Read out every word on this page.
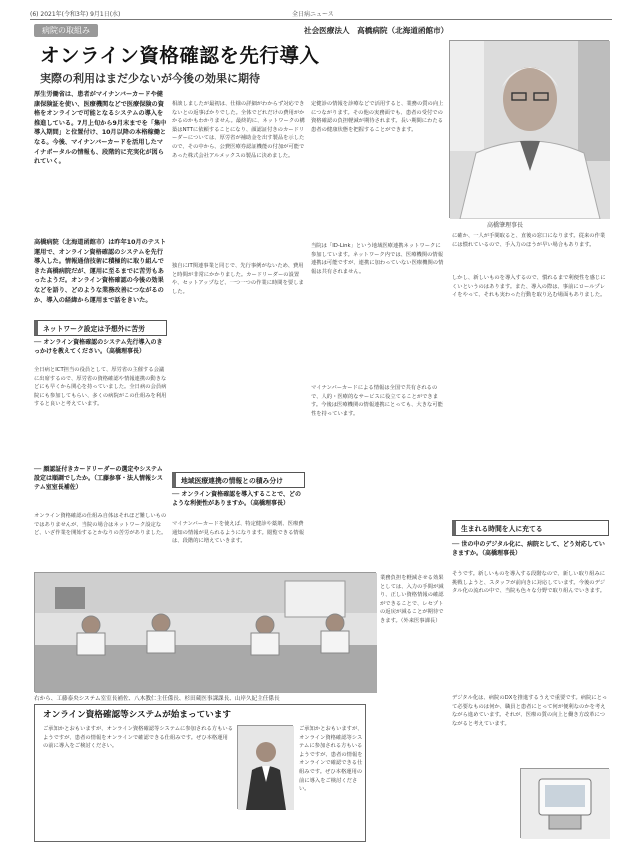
(6) 2021年(令和3年) 9月1日(水)	全日病ニュース
病院の取組み	社会医療法人　高橋病院（北海道函館市）
オンライン資格確認を先行導入
実際の利用はまだ少ないが今後の効果に期待
高橋肇理事長
厚生労働省は、患者がマイナンバーカードや健康保険証を使い、医療機関などで医療保険の資格をオンラインで可能となるシステムの導入を推進している。7月上旬から9月末までを「集中導入期間」と位置付け、10月以降の本格稼働となる。今後、マイナンバーカードを活用したマイナポータルの情報も、段階的に充実化が図られていく。
高橋病院（北海道函館市）は昨年10月のテスト運用で、オンライン資格確認のシステムを先行導入した。情報通信技術に積極的に取り組んできた高橋病院だが、運用に至るまでに苦労もあったようだ。オンライン資格確認の今後の効果などを語り、どのような業務改善につながるのか、導入の経緯から運用まで話をきいた。
ネットワーク設定は予想外に苦労
── オンライン資格確認のシステム先行導入のきっかけを教えてください。（高橋理事長）
全日病とICT担当の役員として、厚労省の主催する会議に出席するので、厚労省の資格確認や情報連携の動きなどにも早くから関心を持っていました。全日病の会員病院にも参加してもらい、多くの病院がこの仕組みを利用すると良いと考えています。
── 顔認証付きカードリーダーの選定やシステム設定は順調でしたか。（工藤参事・法人情報システム室室長補佐）
オンライン資格確認の仕組み自体はそれほど難しいものではありませんが、当院の場合はネットワーク設定など、いざ作業を開始するとかなりの苦労がありました。
相談しましたが最初は、仕様の詳細がわからず対応できないとの返事ばかりでした。全体でどれだけの費用がかかるのかもわかりません。最終的に、ネットワークの構築はNTTに依頼することになり、顔認証付きのカードリーダーについては、厚労省が補助金を出す製品を示したので、その中から、公費医療券認証機能の付加が可能であった株式会社アルメックスの製品に決めました。
独自にIT関連事業と同じで、先行事例がないため、費用と時間が非常にかかりました。カードリーダーの設置や、セットアップなど、一つ一つの作業に時間を要しました。
地域医療連携の情報との積み分け
── オンライン資格確認を導入することで、どのような利便性がありますか。（高橋理事長）
マイナンバーカードを使えば、特定健診や薬剤、医療費通知の情報が見られるようになります。閲覧できる情報は、段階的に増えていきます。
定健診の情報を診療などで活用すると、業務の質の向上につながります。その他の実務面でも、患者の受付での資格確認の負担軽減が期待されます。長い期間にわたる患者の健康状態を把握することができます。
当院は「ID-Link」という地域医療連携ネットワークに参加しています。ネットワーク内では、医療機関の情報連携は可能ですが、連携に加わっていない医療機関の情報は共有されません。
マイナンバーカードによる情報は全国で共有されるので、人的・医療的なサービスに役立てることができます。今後は医療機関の情報連携にとっても、大きな可能性を持っています。
業務負担を軽減させる効果としては、入力の手間が減り、正しい資格情報の確認ができることで、レセプトの返戻が減ることが期待できます。（外来医事課長）
に確か、一人が手間取ると、直後の窓口になります。従来の作業には慣れているので、手入力のほうが早い場合もあります。
しかし、新しいものを導入するので、慣れるまで利便性を感じにくいというのはあります。また、導入の際は、事前にロールプレイをやって、それも実わった行動を取り込む場面もありました。
生まれる時間を人に充てる
── 世の中のデジタル化に、病院として、どう対応していきますか。（高橋理事長）
そうです。新しいものを導入する段階なので、新しい取り組みに挑戦しようと、スタッフが前向きに対応しています。今後のデジタル化の流れの中で、当院も色々な分野で取り組んでいきます。
右から、工藤泰央システム室室長補佐、八木教仁主任係長、杉田蔵医事課課長、山岸久紀主任係長
オンライン資格確認等システムが始まっています
ご承知かとおもいますが、オンライン資格確認等システムに参加される方もいるようですが、患者の情報をオンラインで確認できる仕組みです。ぜひ本格運用の前に導入をご検討ください。
ご承知かとおもいますが、オンライン資格確認等システムに参加される方もいるようですが、患者の情報をオンラインで確認できる仕組みです。ぜひ本格運用の前に導入をご検討ください。
デジタル化は、病院のDXを推進するうえで重要です。病院にとって必要なものは何か、職員と患者にとって何が便利なのかを考えながら進めています。それが、医療の質の向上と働き方改革につながると考えています。
